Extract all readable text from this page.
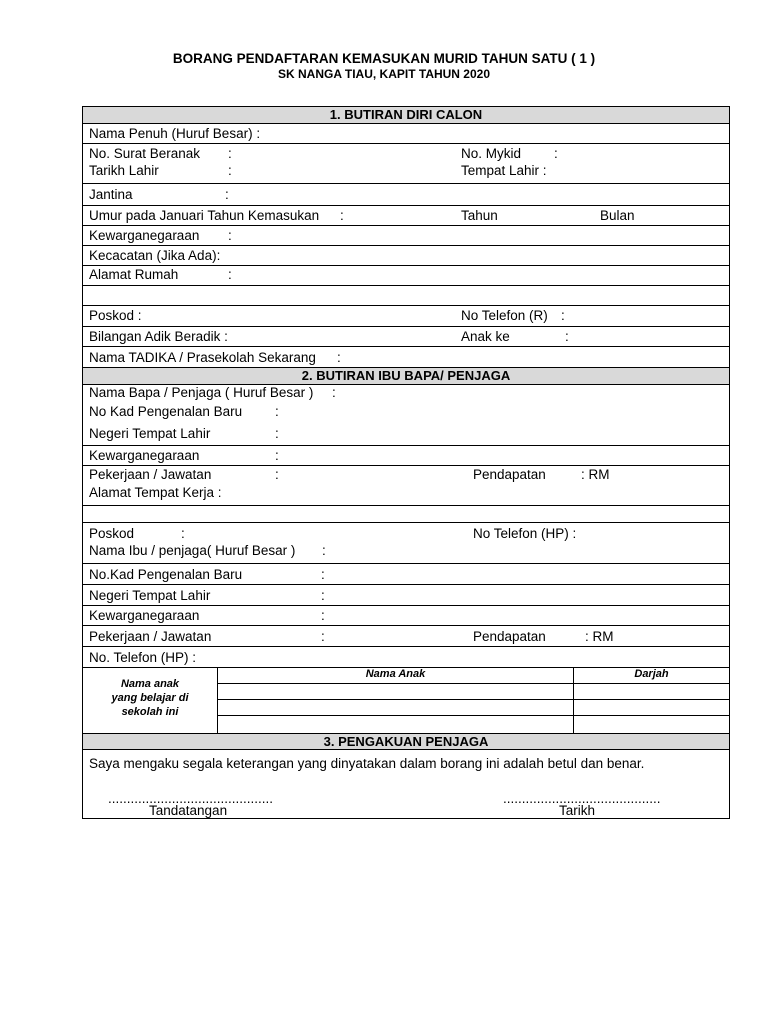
BORANG PENDAFTARAN KEMASUKAN MURID TAHUN SATU ( 1 )
SK NANGA TIAU, KAPIT TAHUN 2020
1. BUTIRAN DIRI CALON
Nama Penuh (Huruf Besar) :
No. Surat Beranak :	No. Mykid :
Tarikh Lahir	:	Tempat Lahir :
Jantina	:
Umur pada Januari Tahun Kemasukan :	Tahun	Bulan
Kewarganegaraan :
Kecacatan (Jika Ada):
Alamat Rumah	:
Poskod :	No Telefon (R) :
Bilangan Adik Beradik :	Anak ke	:
Nama TADIKA / Prasekolah Sekarang :
2. BUTIRAN IBU BAPA/ PENJAGA
Nama Bapa / Penjaga ( Huruf Besar ) :
No Kad Pengenalan Baru :
Negeri Tempat Lahir	:
Kewarganegaraan	:
Pekerjaan / Jawatan	:	Pendapatan	: RM
Alamat Tempat Kerja :
Poskod	:	No Telefon (HP) :
Nama Ibu / penjaga( Huruf Besar ) :
No.Kad Pengenalan Baru	:
Negeri Tempat Lahir	:
Kewarganegaraan	:
Pekerjaan / Jawatan	:	Pendapatan	: RM
No. Telefon (HP) :
Nama anak
yang belajar di
sekolah ini
Nama Anak	Darjah
3. PENGAKUAN PENJAGA
Saya mengaku segala keterangan yang dinyatakan dalam borang ini adalah betul dan benar.
............................................	..........................................
Tandatangan	Tarikh
